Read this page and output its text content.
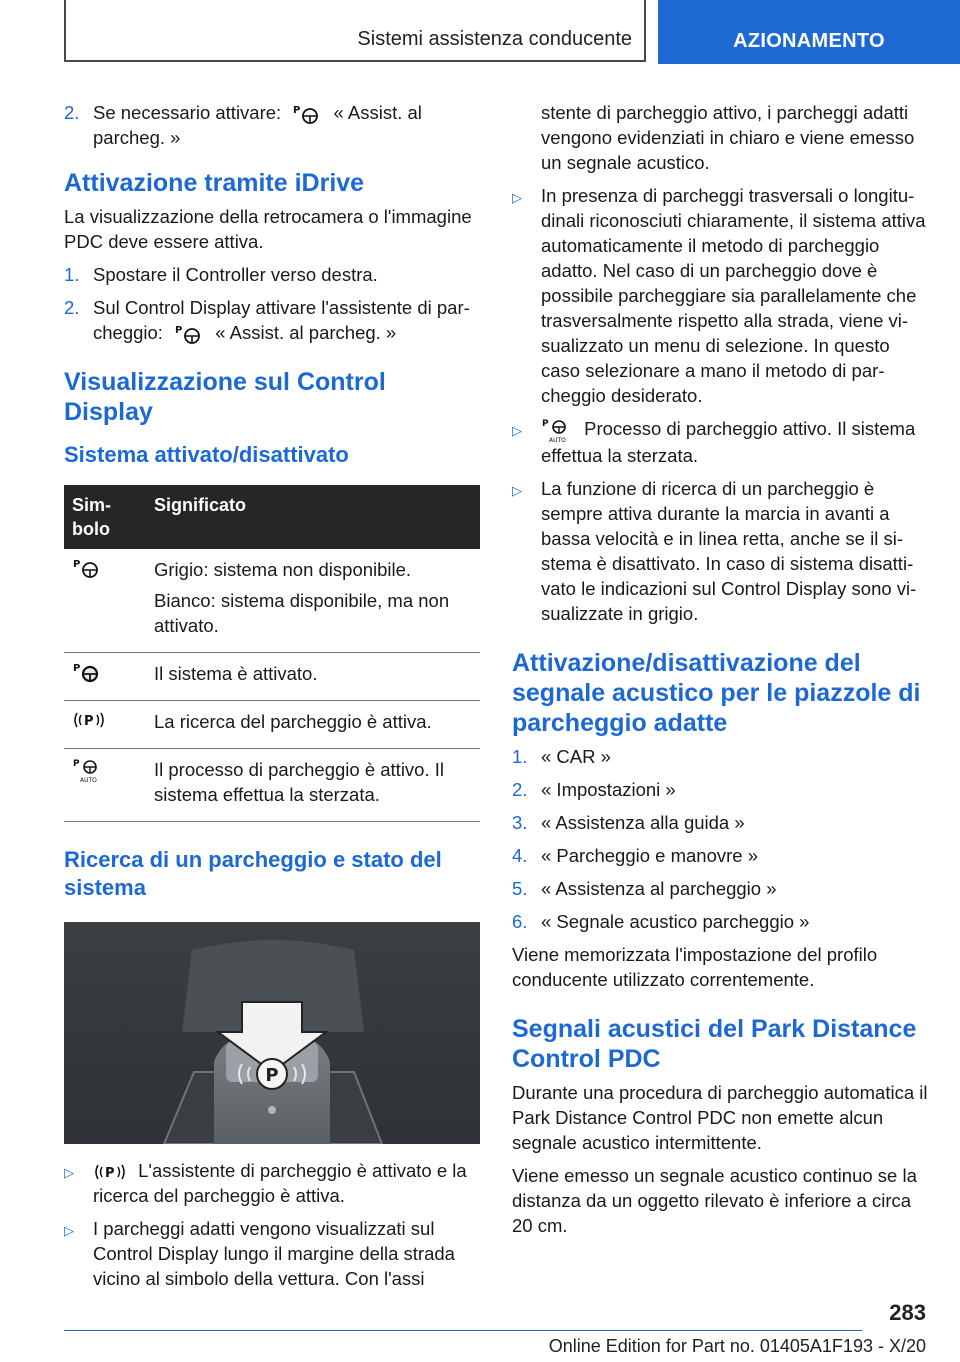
Sistemi assistenza conducente	AZIONAMENTO
2. Se necessario attivare: P « Assist. al parcheg. »
Attivazione tramite iDrive

La visualizzazione della retrocamera o l'immagine PDC deve essere attiva.

1. Spostare il Controller verso destra.
2. Sul Control Display attivare l'assistente di parcheggio: P « Assist. al parcheg. »
Visualizzazione sul Control Display
Sistema attivato/disattivato
Simbolo	Significato

P	Grigio: sistema non disponibile.

Bianco: sistema disponibile, ma non attivato.

P	Il sistema è attivato.

P	La ricerca del parcheggio è attiva.

P
AUTO	Il processo di parcheggio è attivo. Il sistema effettua la sterzata.

Ricerca di un parcheggio e stato del sistema
P
▷	P L'assistente di parcheggio è attivato e la ricerca del parcheggio è attiva.
▷	I parcheggi adatti vengono visualizzati sul Control Display lungo il margine della strada vicino al simbolo della vettura. Con l'assi

stente di parcheggio attivo, i parcheggi adatti vengono evidenziati in chiaro e viene emesso un segnale acustico.

▷	In presenza di parcheggi trasversali o longitudinali riconosciuti chiaramente, il sistema attiva automaticamente il metodo di parcheggio adatto. Nel caso di un parcheggio dove è possibile parcheggiare sia parallelamente che trasversalmente rispetto alla strada, viene visualizzato un menu di selezione. In questo caso selezionare a mano il metodo di parcheggio desiderato.
▷	P
AUTO
Processo di parcheggio attivo. Il sistema effettua la sterzata.
▷	La funzione di ricerca di un parcheggio è sempre attiva durante la marcia in avanti a bassa velocità e in linea retta, anche se il sistema è disattivato. In caso di sistema disattivato le indicazioni sul Control Display sono visualizzate in grigio.
Attivazione/disattivazione del segnale acustico per le piazzole di parcheggio adatte
1. « CAR »
2. « Impostazioni »
3. « Assistenza alla guida »
4. « Parcheggio e manovre »
5. « Assistenza al parcheggio »
6. « Segnale acustico parcheggio »

Viene memorizzata l'impostazione del profilo conducente utilizzato correntemente.

Segnali acustici del Park Distance Control PDC

Durante una procedura di parcheggio automatica il Park Distance Control PDC non emette alcun segnale acustico intermittente.

Viene emesso un segnale acustico continuo se la distanza da un oggetto rilevato è inferiore a circa 20 cm.

283
Online Edition for Part no. 01405A1F193 - X/20
